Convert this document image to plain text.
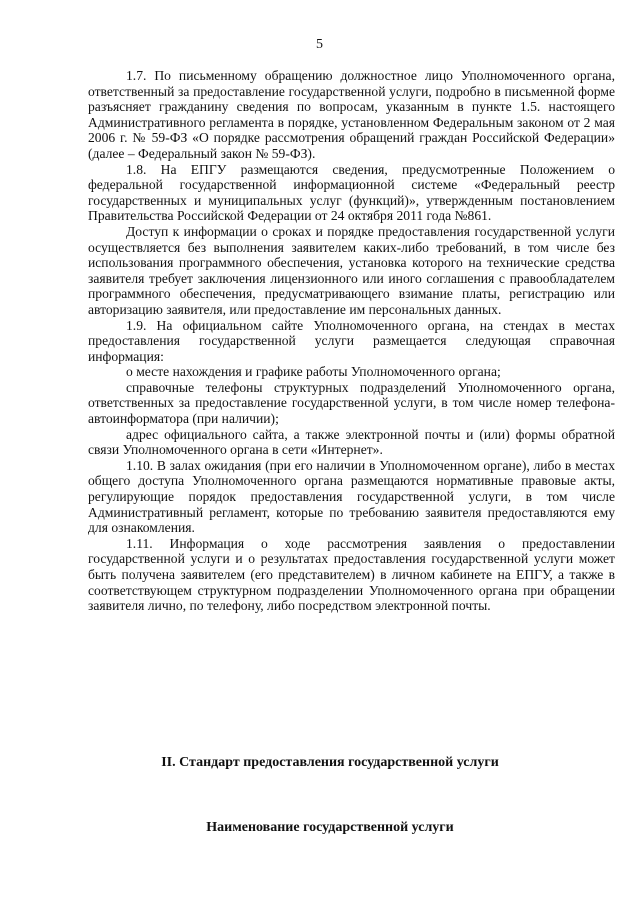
5

1.7. По письменному обращению должностное лицо Уполномоченного органа, ответственный за предоставление государственной услуги, подробно в письменной форме разъясняет гражданину сведения по вопросам, указанным в пункте 1.5. настоящего Административного регламента в порядке, установленном Федеральным законом от 2 мая 2006 г. № 59-ФЗ «О порядке рассмотрения обращений граждан Российской Федерации» (далее – Федеральный закон № 59-ФЗ).

1.8. На ЕПГУ размещаются сведения, предусмотренные Положением о федеральной государственной информационной системе «Федеральный реестр государственных и муниципальных услуг (функций)», утвержденным постановлением Правительства Российской Федерации от 24 октября 2011 года №861.

Доступ к информации о сроках и порядке предоставления государственной услуги осуществляется без выполнения заявителем каких-либо требований, в том числе без использования программного обеспечения, установка которого на технические средства заявителя требует заключения лицензионного или иного соглашения с правообладателем программного обеспечения, предусматривающего взимание платы, регистрацию или авторизацию заявителя, или предоставление им персональных данных.

1.9. На официальном сайте Уполномоченного органа, на стендах в местах предоставления государственной услуги размещается следующая справочная информация:

о месте нахождения и графике работы Уполномоченного органа;

справочные телефоны структурных подразделений Уполномоченного органа, ответственных за предоставление государственной услуги, в том числе номер телефона-автоинформатора (при наличии);

адрес официального сайта, а также электронной почты и (или) формы обратной связи Уполномоченного органа в сети «Интернет».

1.10. В залах ожидания (при его наличии в Уполномоченном органе), либо в местах общего доступа Уполномоченного органа размещаются нормативные правовые акты, регулирующие порядок предоставления государственной услуги, в том числе Административный регламент, которые по требованию заявителя предоставляются ему для ознакомления.

1.11. Информация о ходе рассмотрения заявления о предоставлении государственной услуги и о результатах предоставления государственной услуги может быть получена заявителем (его представителем) в личном кабинете на ЕПГУ, а также в соответствующем структурном подразделении Уполномоченного органа при обращении заявителя лично, по телефону, либо посредством электронной почты.

II. Стандарт предоставления государственной услуги
Наименование государственной услуги
